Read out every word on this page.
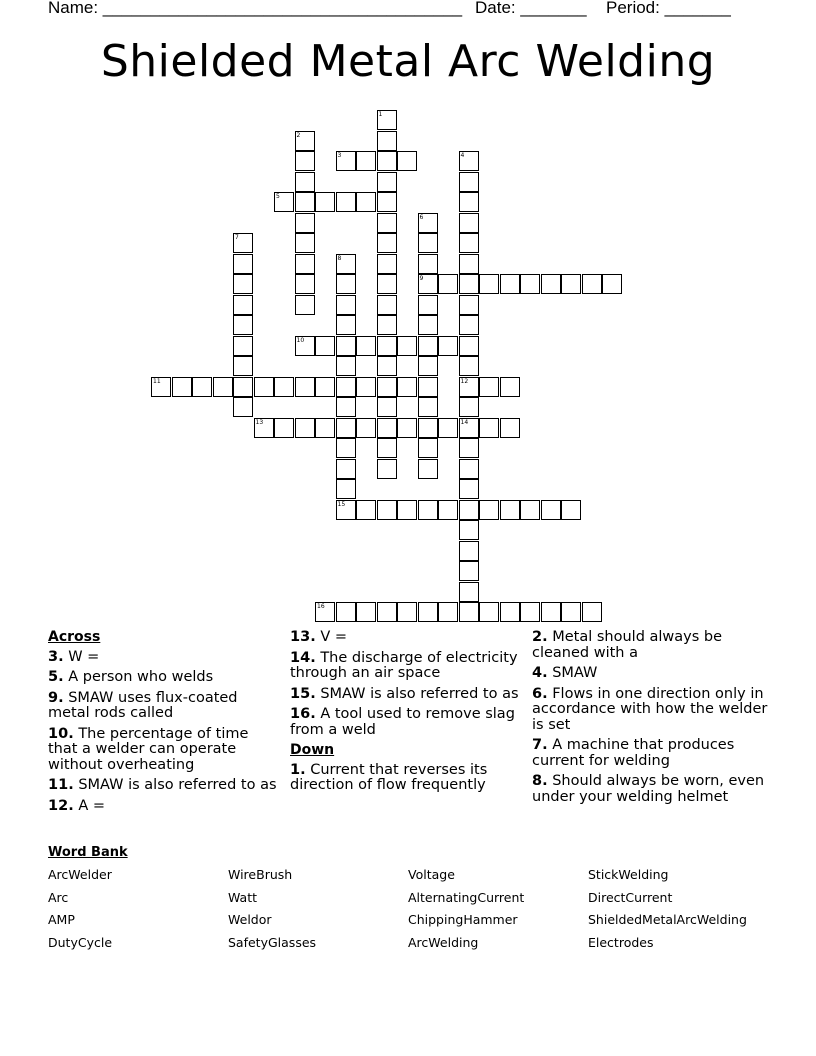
Name: ______________________________________ Date: _______ Period: _______
Shielded Metal Arc Welding
3
5
9
10
11	12
13	14
15
16
1
2
4
6
7
8
Across
3. W =
5. A person who welds
9. SMAW uses flux-coated metal rods called
10. The percentage of time that a welder can operate without overheating
11. SMAW is also referred to as
12. A =
13. V =
14. The discharge of electricity through an air space
15. SMAW is also referred to as
16. A tool used to remove slag from a weld
Down
1. Current that reverses its direction of flow frequently
2. Metal should always be cleaned with a
4. SMAW
6. Flows in one direction only in accordance with how the welder is set
7. A machine that produces current for welding
8. Should always be worn, even under your welding helmet
Word Bank
ArcWelder	WireBrush	Voltage	StickWelding
Arc	Watt	AlternatingCurrent	DirectCurrent
AMP	Weldor	ChippingHammer	ShieldedMetalArcWelding
DutyCycle	SafetyGlasses	ArcWelding	Electrodes
